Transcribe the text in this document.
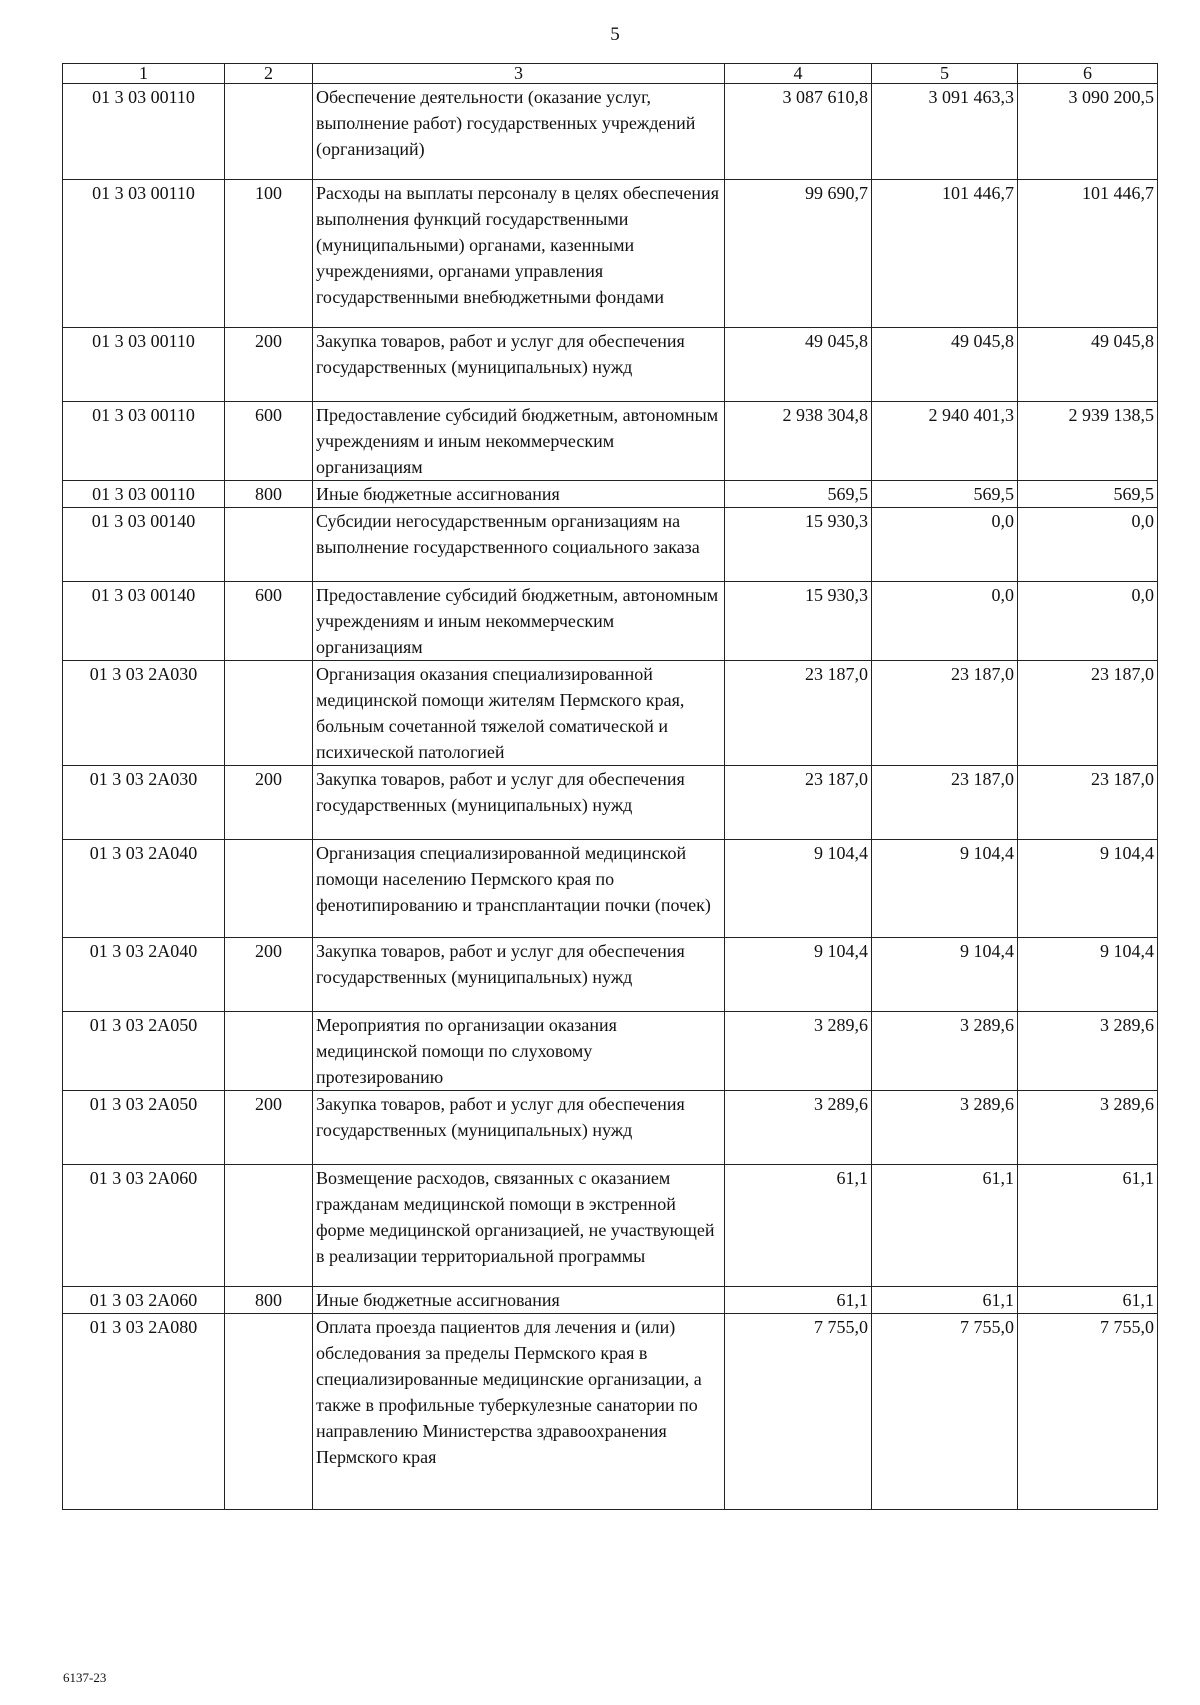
5
1	2	3	4	5	6
01 3 03 00110		Обеспечение деятельности (оказание услуг, выполнение работ) государственных учреждений (организаций)	3 087 610,8	3 091 463,3	3 090 200,5
01 3 03 00110	100	Расходы на выплаты персоналу в целях обеспечения выполнения функций государственными (муниципальными) органами, казенными учреждениями, органами управления государственными внебюджетными фондами	99 690,7	101 446,7	101 446,7
01 3 03 00110	200	Закупка товаров, работ и услуг для обеспечения государственных (муниципальных) нужд	49 045,8	49 045,8	49 045,8
01 3 03 00110	600	Предоставление субсидий бюджетным, автономным учреждениям и иным некоммерческим организациям	2 938 304,8	2 940 401,3	2 939 138,5
01 3 03 00110	800	Иные бюджетные ассигнования	569,5	569,5	569,5
01 3 03 00140		Субсидии негосударственным организациям на выполнение государственного социального заказа	15 930,3	0,0	0,0
01 3 03 00140	600	Предоставление субсидий бюджетным, автономным учреждениям и иным некоммерческим организациям	15 930,3	0,0	0,0
01 3 03 2А030		Организация оказания специализированной медицинской помощи жителям Пермского края, больным сочетанной тяжелой соматической и психической патологией	23 187,0	23 187,0	23 187,0
01 3 03 2А030	200	Закупка товаров, работ и услуг для обеспечения государственных (муниципальных) нужд	23 187,0	23 187,0	23 187,0
01 3 03 2А040		Организация специализированной медицинской помощи населению Пермского края по фенотипированию и трансплантации почки (почек)	9 104,4	9 104,4	9 104,4
01 3 03 2А040	200	Закупка товаров, работ и услуг для обеспечения государственных (муниципальных) нужд	9 104,4	9 104,4	9 104,4
01 3 03 2А050		Мероприятия по организации оказания медицинской помощи по слуховому протезированию	3 289,6	3 289,6	3 289,6
01 3 03 2А050	200	Закупка товаров, работ и услуг для обеспечения государственных (муниципальных) нужд	3 289,6	3 289,6	3 289,6
01 3 03 2А060		Возмещение расходов, связанных с оказанием гражданам медицинской помощи в экстренной форме медицинской организацией, не участвующей в реализации территориальной программы	61,1	61,1	61,1
01 3 03 2А060	800	Иные бюджетные ассигнования	61,1	61,1	61,1
01 3 03 2А080		Оплата проезда пациентов для лечения и (или) обследования за пределы Пермского края в специализированные медицинские организации, а также в профильные туберкулезные санатории по направлению Министерства здравоохранения Пермского края	7 755,0	7 755,0	7 755,0
6137-23
